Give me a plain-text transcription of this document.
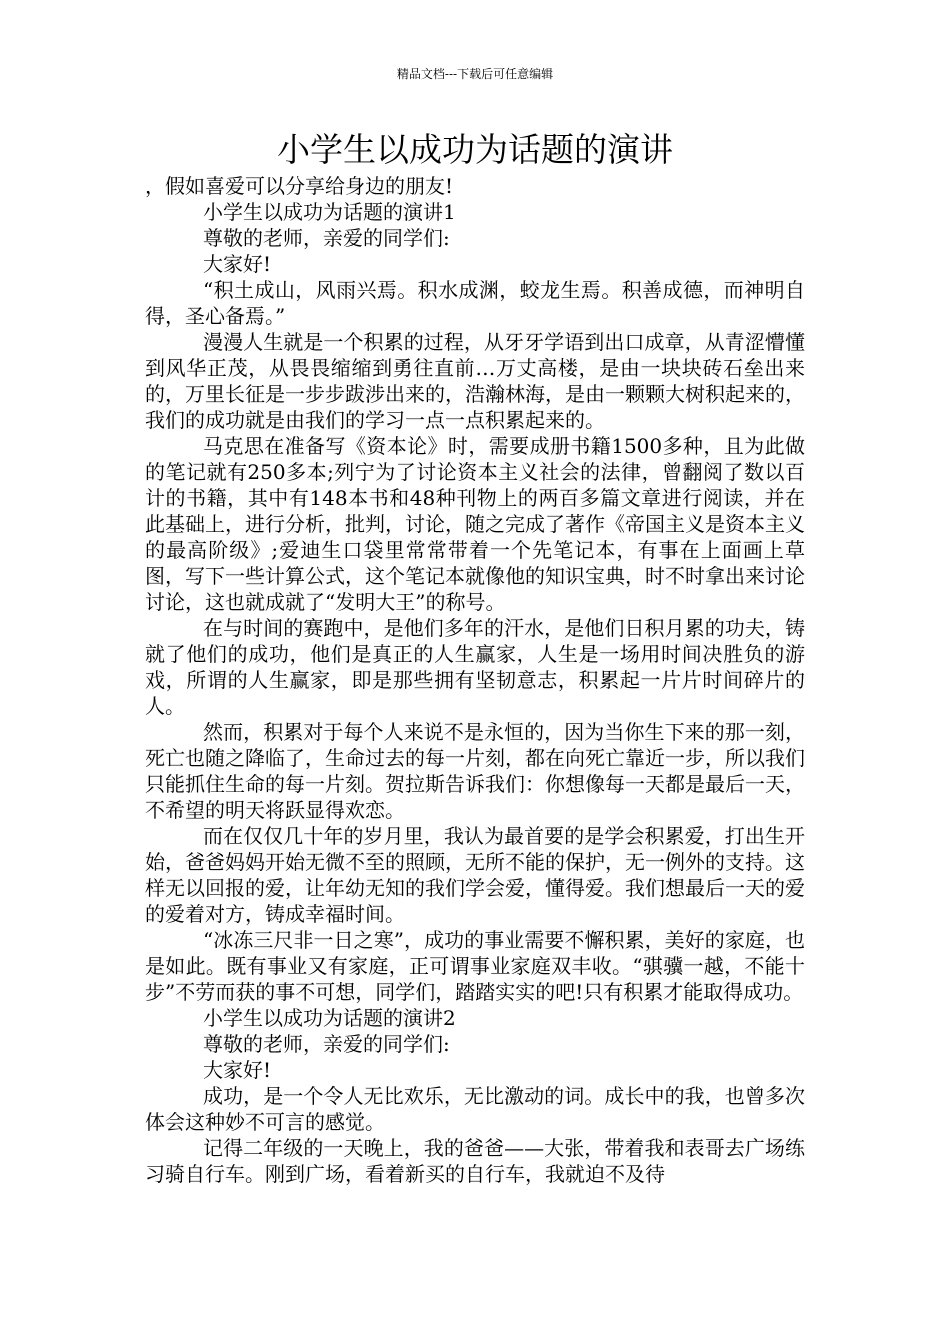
精品文档---下载后可任意编辑
小学生以成功为话题的演讲

，假如喜爱可以分享给身边的朋友!

小学生以成功为话题的演讲1

尊敬的老师，亲爱的同学们:

大家好!

“积土成山，风雨兴焉。积水成渊，蛟龙生焉。积善成德，而神明自得，圣心备焉。”

漫漫人生就是一个积累的过程，从牙牙学语到出口成章，从青涩懵懂到风华正茂，从畏畏缩缩到勇往直前…万丈高楼，是由一块块砖石垒出来的，万里长征是一步步跋涉出来的，浩瀚林海，是由一颗颗大树积起来的，我们的成功就是由我们的学习一点一点积累起来的。

马克思在准备写《资本论》时，需要成册书籍1500多种，且为此做的笔记就有250多本;列宁为了讨论资本主义社会的法律，曾翻阅了数以百计的书籍，其中有148本书和48种刊物上的两百多篇文章进行阅读，并在此基础上，进行分析，批判，讨论，随之完成了著作《帝国主义是资本主义的最高阶级》;爱迪生口袋里常常带着一个先笔记本，有事在上面画上草图，写下一些计算公式，这个笔记本就像他的知识宝典，时不时拿出来讨论讨论，这也就成就了“发明大王”的称号。

在与时间的赛跑中，是他们多年的汗水，是他们日积月累的功夫，铸就了他们的成功，他们是真正的人生赢家，人生是一场用时间决胜负的游戏，所谓的人生赢家，即是那些拥有坚韧意志，积累起一片片时间碎片的人。

然而，积累对于每个人来说不是永恒的，因为当你生下来的那一刻，死亡也随之降临了，生命过去的每一片刻，都在向死亡靠近一步，所以我们只能抓住生命的每一片刻。贺拉斯告诉我们：你想像每一天都是最后一天，不希望的明天将跃显得欢恋。

而在仅仅几十年的岁月里，我认为最首要的是学会积累爱，打出生开始，爸爸妈妈开始无微不至的照顾，无所不能的保护，无一例外的支持。这样无以回报的爱，让年幼无知的我们学会爱，懂得爱。我们想最后一天的爱的爱着对方，铸成幸福时间。

“冰冻三尺非一日之寒”，成功的事业需要不懈积累，美好的家庭，也是如此。既有事业又有家庭，正可谓事业家庭双丰收。“骐骥一越，不能十步”不劳而获的事不可想，同学们，踏踏实实的吧!只有积累才能取得成功。

小学生以成功为话题的演讲2

尊敬的老师，亲爱的同学们:

大家好!

成功，是一个令人无比欢乐，无比激动的词。成长中的我，也曾多次体会这种妙不可言的感觉。

记得二年级的一天晚上，我的爸爸——大张，带着我和表哥去广场练习骑自行车。刚到广场，看着新买的自行车，我就迫不及待
